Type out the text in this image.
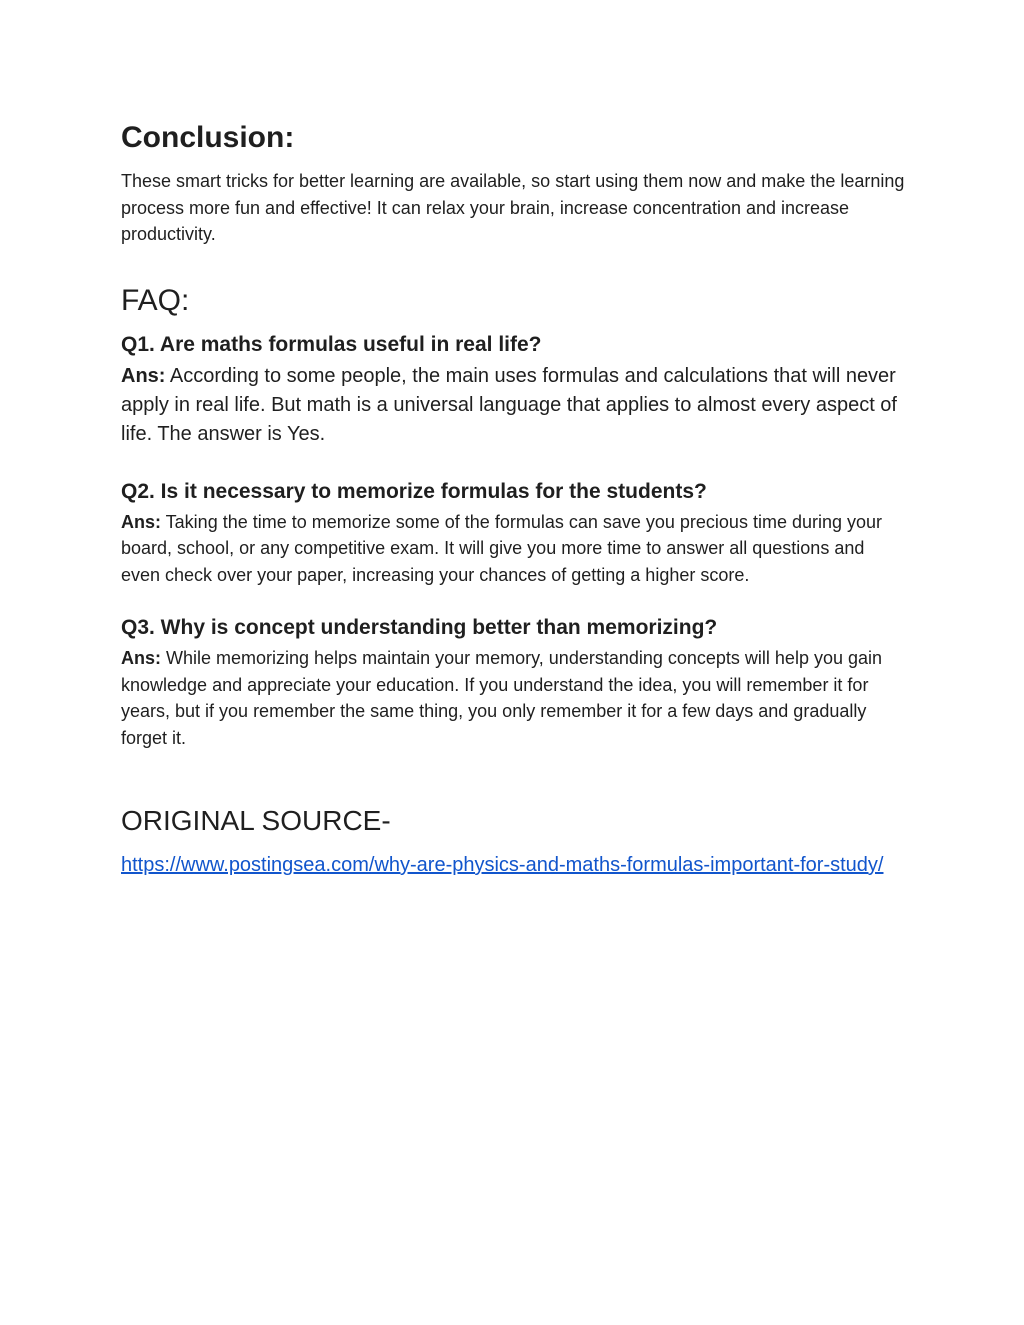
Conclusion:

These smart tricks for better learning are available, so start using them now and make the learning process more fun and effective! It can relax your brain, increase concentration and increase productivity.

FAQ:
Q1. Are maths formulas useful in real life?

Ans: According to some people, the main uses formulas and calculations that will never apply in real life. But math is a universal language that applies to almost every aspect of life. The answer is Yes.

Q2. Is it necessary to memorize formulas for the students?

Ans: Taking the time to memorize some of the formulas can save you precious time during your board, school, or any competitive exam. It will give you more time to answer all questions and even check over your paper, increasing your chances of getting a higher score.

Q3. Why is concept understanding better than memorizing?

Ans: While memorizing helps maintain your memory, understanding concepts will help you gain knowledge and appreciate your education. If you understand the idea, you will remember it for years, but if you remember the same thing, you only remember it for a few days and gradually forget it.

ORIGINAL SOURCE-
https://www.postingsea.com/why-are-physics-and-maths-formulas-important-for-study/
